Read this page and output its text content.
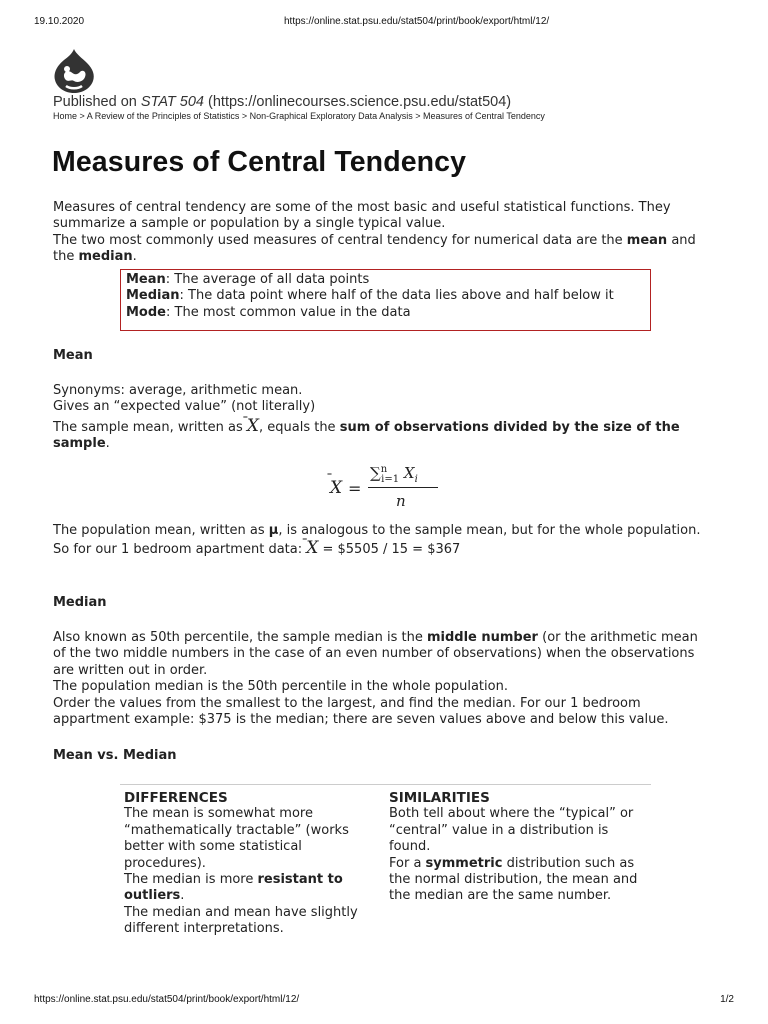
19.10.2020	https://online.stat.psu.edu/stat504/print/book/export/html/12/
Published on STAT 504 (https://onlinecourses.science.psu.edu/stat504)
Home > A Review of the Principles of Statistics > Non-Graphical Exploratory Data Analysis > Measures of Central Tendency
Measures of Central Tendency

Measures of central tendency are some of the most basic and useful statistical functions. They summarize a sample or population by a single typical value.

The two most commonly used measures of central tendency for numerical data are the mean and the median.

Mean: The average of all data points

Median: The data point where half of the data lies above and half below it

Mode: The most common value in the data

Mean

Synonyms: average, arithmetic mean.

Gives an “expected value” (not literally)

The sample mean, written as
X, equals the sum of observations divided by the size of the sample.

X =
∑$^n_{i=1}$ $X_i$
n

The population mean, written as μ, is analogous to the sample mean, but for the whole population.

So for our 1 bedroom apartment data:
X = $5505 / 15 = $367

Median

Also known as 50th percentile, the sample median is the middle number (or the arithmetic mean of the two middle numbers in the case of an even number of observations) when the observations are written out in order.

The population median is the 50th percentile in the whole population.

Order the values from the smallest to the largest, and find the median. For our 1 bedroom appartment example: $375 is the median; there are seven values above and below this value.

Mean vs. Median

DIFFERENCES

The mean is somewhat more “mathematically tractable” (works better with some statistical procedures).

The median is more resistant to outliers.

The median and mean have slightly different interpretations.

SIMILARITIES

Both tell about where the “typical” or “central” value in a distribution is found.

For a symmetric distribution such as the normal distribution, the mean and the median are the same number.

https://online.stat.psu.edu/stat504/print/book/export/html/12/	1/2
